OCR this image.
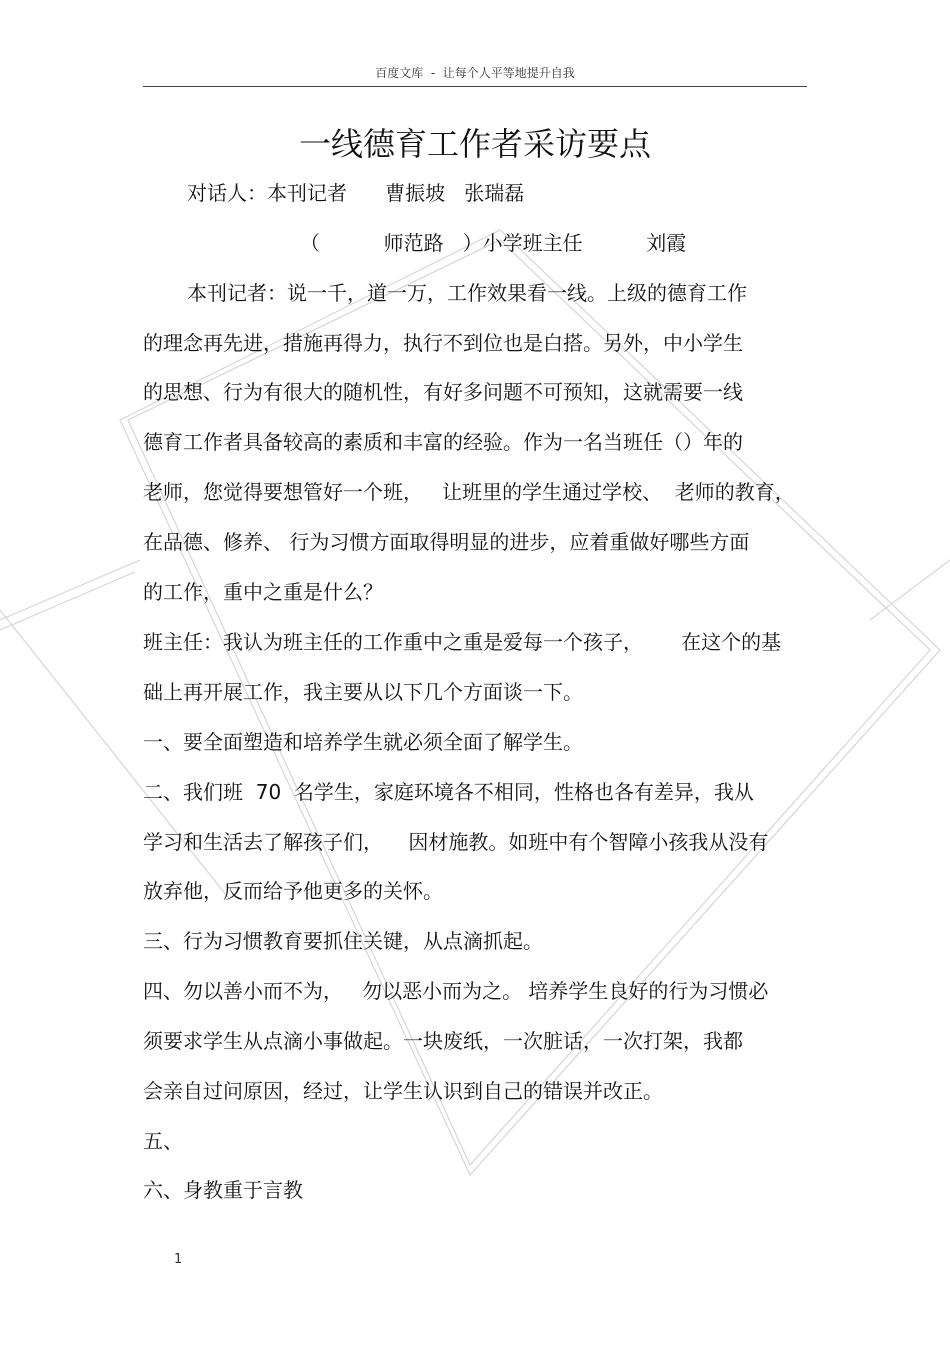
百度文库  -  让每个人平等地提升自我
一线德育工作者采访要点
对话人：本刊记者      曹振坡   张瑞磊
（          师范路   ）小学班主任          刘霞
本刊记者：说一千，道一万，工作效果看一线。上级的德育工作
的理念再先进，措施再得力，执行不到位也是白搭。另外，中小学生
的思想、行为有很大的随机性，有好多问题不可预知，这就需要一线
德育工作者具备较高的素质和丰富的经验。作为一名当班任（）年的
老师，您觉得要想管好一个班，   让班里的学生通过学校、  老师的教育，
在品德、修养、 行为习惯方面取得明显的进步，应着重做好哪些方面
的工作，重中之重是什么？
班主任：我认为班主任的工作重中之重是爱每一个孩子，      在这个的基
础上再开展工作，我主要从以下几个方面谈一下。
一、要全面塑造和培养学生就必须全面了解学生。
二、我们班  70  名学生，家庭环境各不相同，性格也各有差异，我从
学习和生活去了解孩子们，    因材施教。如班中有个智障小孩我从没有
放弃他，反而给予他更多的关怀。
三、行为习惯教育要抓住关键，从点滴抓起。
四、勿以善小而不为，   勿以恶小而为之。 培养学生良好的行为习惯必
须要求学生从点滴小事做起。一块废纸，一次脏话，一次打架，我都
会亲自过问原因，经过，让学生认识到自己的错误并改正。
五、
六、身教重于言教
1
